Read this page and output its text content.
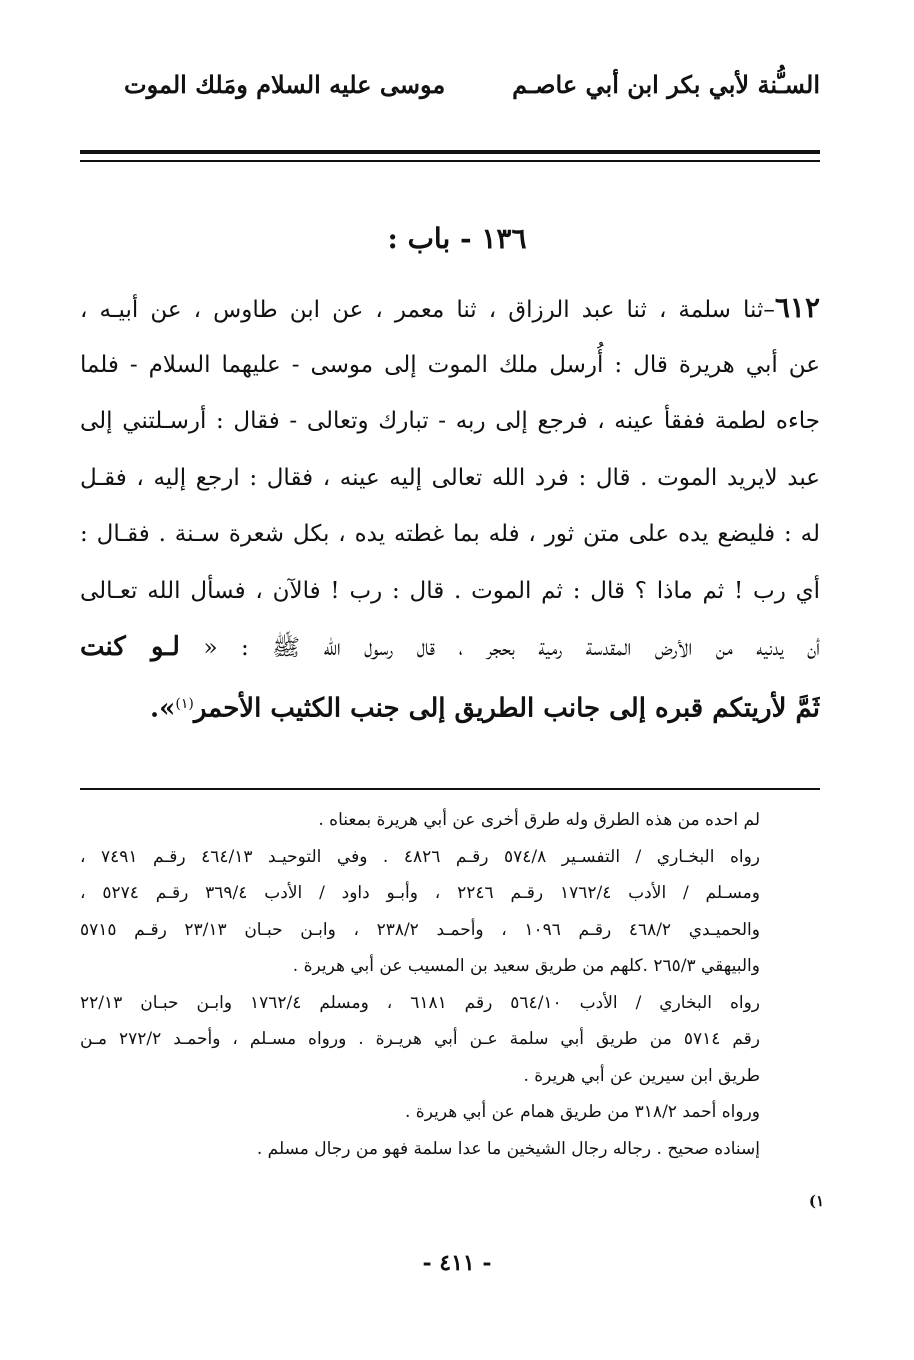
السـُّنة لأبي بكر ابن أبي عاصـم
موسى عليه السلام ومَلك الموت
١٣٦ - باب :
٦١٢–ثنا سلمة ، ثنا عبد الرزاق ، ثنا معمر ، عن ابن طاوس ، عن أبيـه ،
عن أبي هريرة قال : أُرسل ملك الموت إلى موسى - عليهما السلام - فلما
جاءه لطمة ففقأ عينه ، فرجع إلى ربه - تبارك وتعالى - فقال : أرسـلتني إلى
عبد لايريد الموت . قال : فرد الله تعالى إليه عينه ، فقال : ارجع إليه ، فقـل
له : فليضع يده على متن ثور ، فله بما غطته يده ، بكل شعرة سـنة . فقـال :
أي رب ! ثم ماذا ؟ قال : ثم الموت . قال : رب ! فالآن ، فسأل الله تعـالى
أن يدنيه من الأرض المقدسة رمية بحجر ، قال رسول الله ﷺ : « لـو كنت
ثَمَّ لأريتكم قبره إلى جانب الطريق إلى جنب الكثيب الأحمر$^{(١)}$».
لم احده من هذه الطرق وله طرق أخرى عن أبي هريرة بمعناه .
رواه البخـاري / التفسـير ٥٧٤/٨ رقـم ٤٨٢٦ . وفي التوحيـد ٤٦٤/١٣ رقـم ٧٤٩١ ،
ومسـلم / الأدب ١٧٦٢/٤ رقـم ٢٢٤٦ ، وأبـو داود / الأدب ٣٦٩/٤ رقـم ٥٢٧٤ ،
والحميـدي ٤٦٨/٢ رقـم ١٠٩٦ ، وأحمـد ٢٣٨/٢ ، وابـن حبـان ٢٣/١٣ رقـم ٥٧١٥
والبيهقي ٢٦٥/٣ .كلهم من طريق سعيد بن المسيب عن أبي هريرة .
رواه البخاري / الأدب ٥٦٤/١٠ رقم ٦١٨١ ، ومسلم ١٧٦٢/٤ وابـن حبـان ٢٢/١٣
رقم ٥٧١٤ من طريق أبي سلمة عـن أبي هريـرة . ورواه مسـلم ، وأحمـد ٢٧٢/٢ مـن
طريق ابن سيرين عن أبي هريرة .
ورواه أحمد ٣١٨/٢ من طريق همام عن أبي هريرة .
إسناده صحيح . رجاله رجال الشيخين ما عدا سلمة فهو من رجال مسلم .
(١
- ٤١١ -
